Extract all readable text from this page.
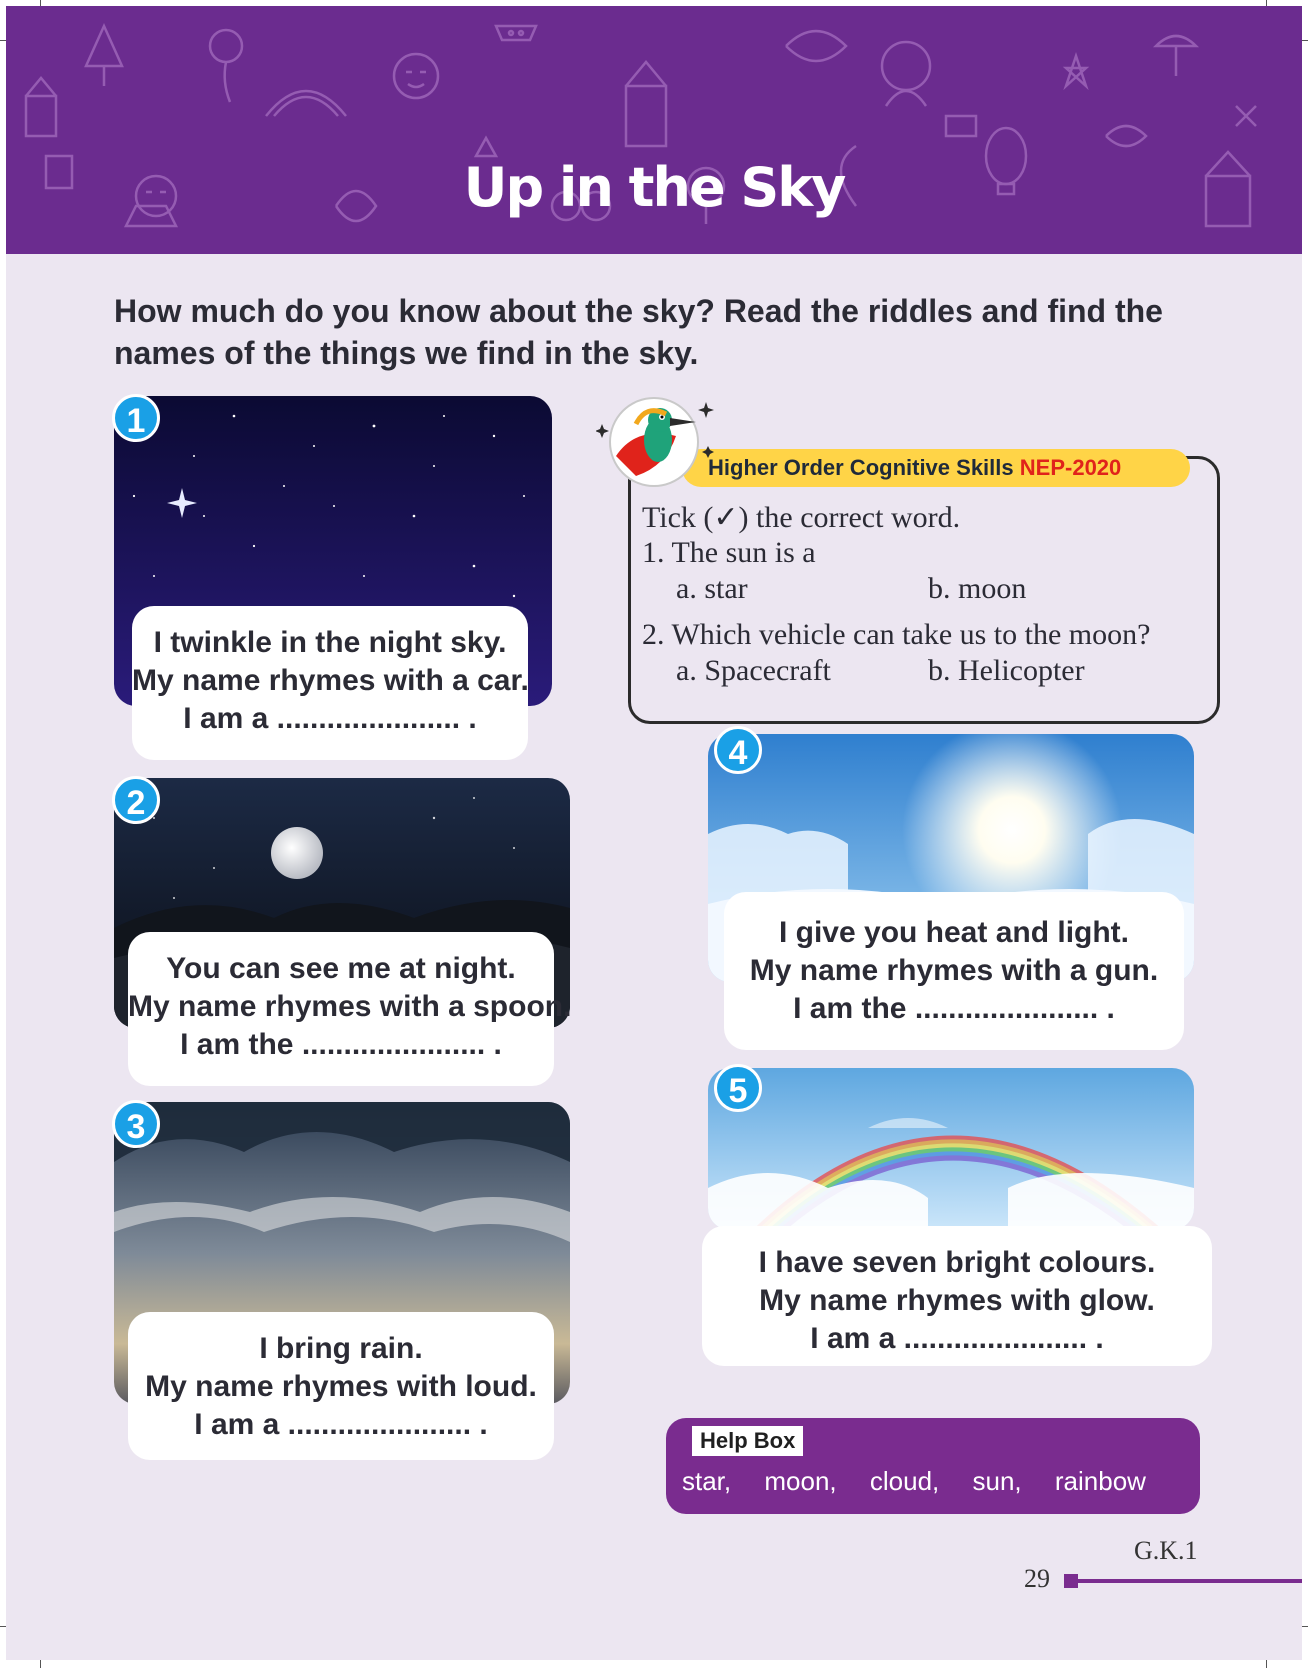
Up in the Sky
How much do you know about the sky? Read the riddles and find the names of the things we find in the sky.
1
I twinkle in the night sky.
My name rhymes with a car.
I am a ...................... .
2
You can see me at night.
My name rhymes with a spoon.
I am the ...................... .
3
I bring rain.
My name rhymes with loud.
I am a ...................... .
Higher Order Cognitive Skills NEP-2020
Tick (✓) the correct word.
1. The sun is a
a. star	b. moon
2. Which vehicle can take us to the moon?
a. Spacecraft	b. Helicopter
4
I give you heat and light.
My name rhymes with a gun.
I am the ...................... .
5
I have seven bright colours.
My name rhymes with glow.
I am a ...................... .
Help Box
star, moon, cloud, sun, rainbow
G.K.1
29
